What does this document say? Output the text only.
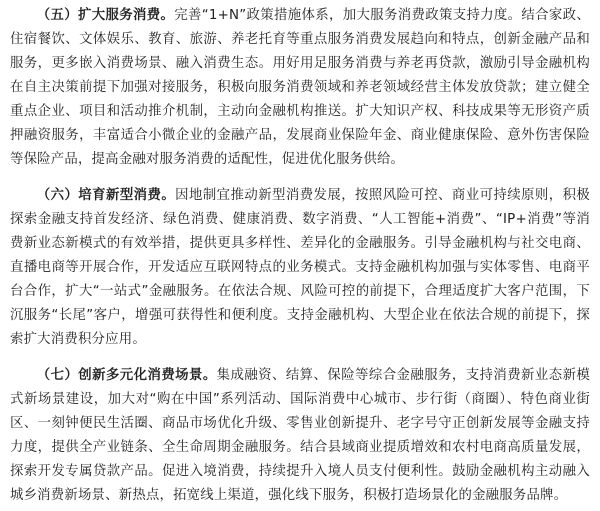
（五）扩大服务消费。完善“1+N”政策措施体系，加大服务消费政策支持力度。结合家政、住宿餐饮、文体娱乐、教育、旅游、养老托育等重点服务消费发展趋向和特点，创新金融产品和服务，更多嵌入消费场景、融入消费生态。用好用足服务消费与养老再贷款，激励引导金融机构在自主决策前提下加强对接服务，积极向服务消费领域和养老领域经营主体发放贷款；建立健全重点企业、项目和活动推介机制，主动向金融机构推送。扩大知识产权、科技成果等无形资产质押融资服务，丰富适合小微企业的金融产品，发展商业保险年金、商业健康保险、意外伤害保险等保险产品，提高金融对服务消费的适配性，促进优化服务供给。

（六）培育新型消费。因地制宜推动新型消费发展，按照风险可控、商业可持续原则，积极探索金融支持首发经济、绿色消费、健康消费、数字消费、“人工智能+消费”、“IP+消费”等消费新业态新模式的有效举措，提供更具多样性、差异化的金融服务。引导金融机构与社交电商、直播电商等开展合作，开发适应互联网特点的业务模式。支持金融机构加强与实体零售、电商平台合作，扩大“一站式”金融服务。在依法合规、风险可控的前提下，合理适度扩大客户范围，下沉服务“长尾”客户，增强可获得性和便利度。支持金融机构、大型企业在依法合规的前提下，探索扩大消费积分应用。

（七）创新多元化消费场景。集成融资、结算、保险等综合金融服务，支持消费新业态新模式新场景建设，加大对“购在中国”系列活动、国际消费中心城市、步行街（商圈）、特色商业街区、一刻钟便民生活圈、商品市场优化升级、零售业创新提升、老字号守正创新发展等金融支持力度，提供全产业链条、全生命周期金融服务。结合县域商业提质增效和农村电商高质量发展，探索开发专属贷款产品。促进入境消费，持续提升入境人员支付便利性。鼓励金融机构主动融入城乡消费新场景、新热点，拓宽线上渠道，强化线下服务，积极打造场景化的金融服务品牌。
